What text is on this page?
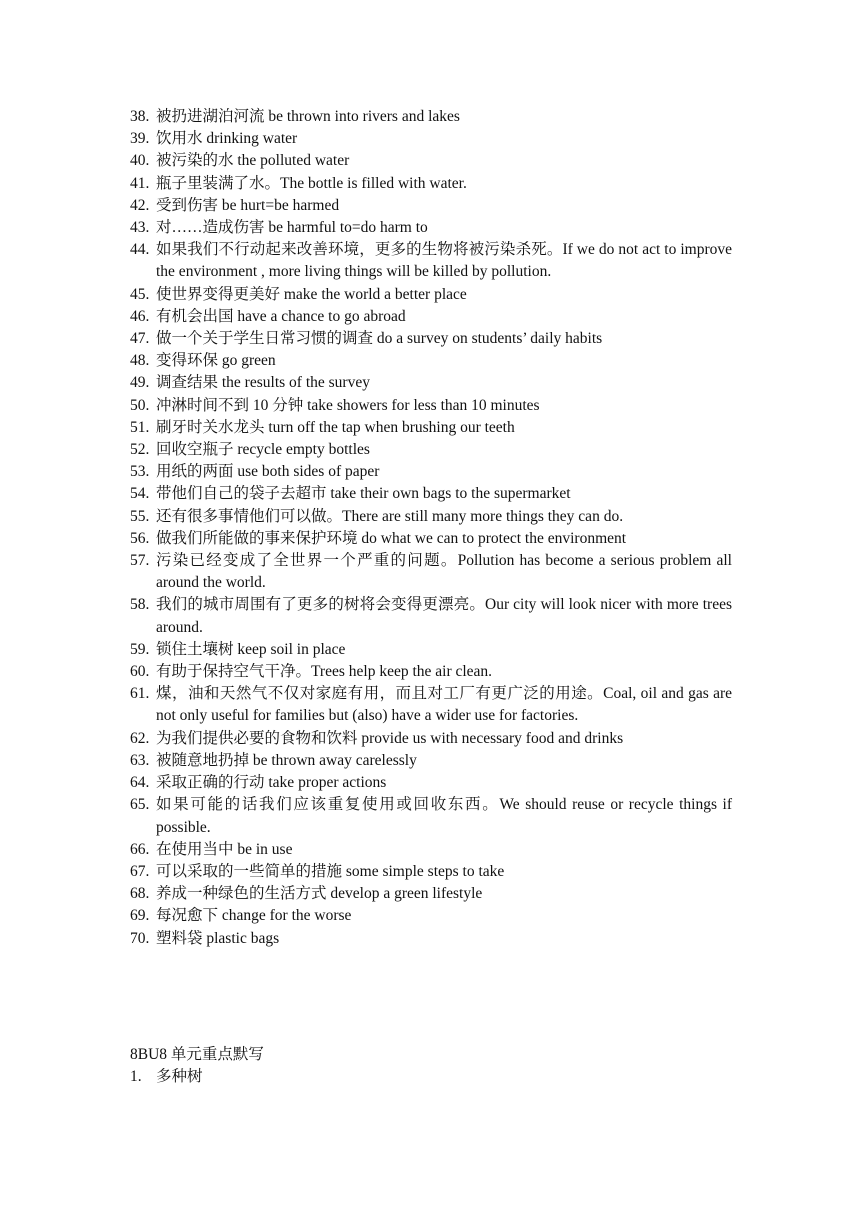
38. 被扔进湖泊河流 be thrown into rivers and lakes
39. 饮用水 drinking water
40. 被污染的水 the polluted water
41. 瓶子里装满了水。The bottle is filled with water.
42. 受到伤害 be hurt=be harmed
43. 对……造成伤害 be harmful to=do harm to
44. 如果我们不行动起来改善环境，更多的生物将被污染杀死。If we do not act to improve the environment , more living things will be killed by pollution.
45. 使世界变得更美好 make the world a better place
46. 有机会出国 have a chance to go abroad
47. 做一个关于学生日常习惯的调查 do a survey on students’ daily habits
48. 变得环保 go green
49. 调查结果 the results of the survey
50. 冲淋时间不到 10 分钟 take showers for less than 10 minutes
51. 刷牙时关水龙头 turn off the tap when brushing our teeth
52. 回收空瓶子 recycle empty bottles
53. 用纸的两面 use both sides of paper
54. 带他们自己的袋子去超市 take their own bags to the supermarket
55. 还有很多事情他们可以做。There are still many more things they can do.
56. 做我们所能做的事来保护环境 do what we can to protect the environment
57. 污染已经变成了全世界一个严重的问题。Pollution has become a serious problem all around the world.
58. 我们的城市周围有了更多的树将会变得更漂亮。Our city will look nicer with more trees around.
59. 锁住土壤树 keep soil in place
60. 有助于保持空气干净。Trees help keep the air clean.
61. 煤，油和天然气不仅对家庭有用，而且对工厂有更广泛的用途。Coal, oil and gas are not only useful for families but (also) have a wider use for factories.
62. 为我们提供必要的食物和饮料 provide us with necessary food and drinks
63. 被随意地扔掉 be thrown away carelessly
64. 采取正确的行动 take proper actions
65. 如果可能的话我们应该重复使用或回收东西。We should reuse or recycle things if possible.
66. 在使用当中 be in use
67. 可以采取的一些简单的措施 some simple steps to take
68. 养成一种绿色的生活方式 develop a green lifestyle
69. 每况愈下 change for the worse
70. 塑料袋 plastic bags
8BU8 单元重点默写
1. 多种树
